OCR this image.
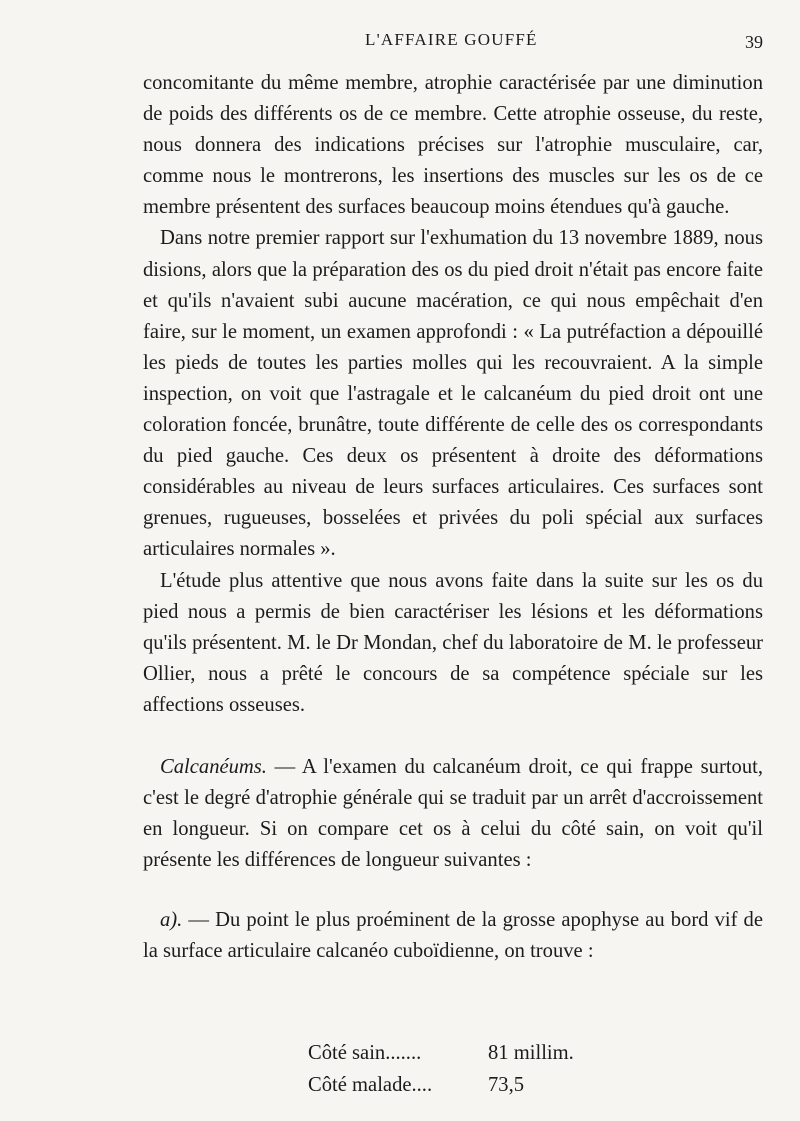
L'AFFAIRE GOUFFÉ	39

concomitante du même membre, atrophie caractérisée par une diminution de poids des différents os de ce membre. Cette atrophie osseuse, du reste, nous donnera des indications précises sur l'atrophie musculaire, car, comme nous le montrerons, les insertions des muscles sur les os de ce membre présentent des surfaces beaucoup moins étendues qu'à gauche.

Dans notre premier rapport sur l'exhumation du 13 novembre 1889, nous disions, alors que la préparation des os du pied droit n'était pas encore faite et qu'ils n'avaient subi aucune macération, ce qui nous empêchait d'en faire, sur le moment, un examen approfondi : « La putréfaction a dépouillé les pieds de toutes les parties molles qui les recouvraient. A la simple inspection, on voit que l'astragale et le calcanéum du pied droit ont une coloration foncée, brunâtre, toute différente de celle des os correspondants du pied gauche. Ces deux os présentent à droite des déformations considérables au niveau de leurs surfaces articulaires. Ces surfaces sont grenues, rugueuses, bosselées et privées du poli spécial aux surfaces articulaires normales ».

L'étude plus attentive que nous avons faite dans la suite sur les os du pied nous a permis de bien caractériser les lésions et les déformations qu'ils présentent. M. le Dr Mondan, chef du laboratoire de M. le professeur Ollier, nous a prêté le concours de sa compétence spéciale sur les affections osseuses.

Calcanéums. — A l'examen du calcanéum droit, ce qui frappe surtout, c'est le degré d'atrophie générale qui se traduit par un arrêt d'accroissement en longueur. Si on compare cet os à celui du côté sain, on voit qu'il présente les différences de longueur suivantes :

a). — Du point le plus proéminent de la grosse apophyse au bord vif de la surface articulaire calcanéo cuboïdienne, on trouve :

Côté sain.......	81 millim.
Côté malade....	73,5
